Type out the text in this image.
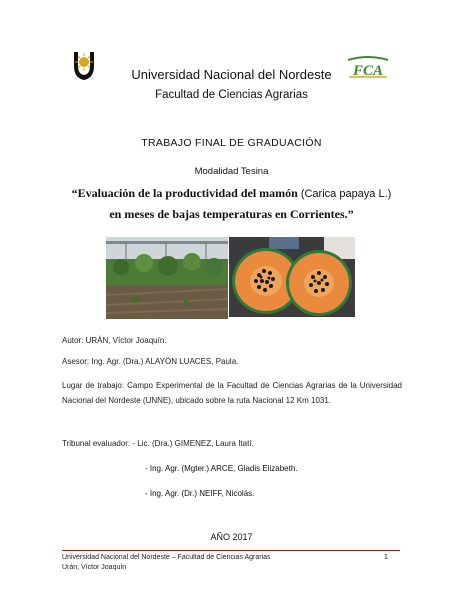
FCA
Universidad Nacional del Nordeste
Facultad de Ciencias Agrarias
TRABAJO FINAL DE GRADUACIÓN
Modalidad Tesina
“Evaluación de la productividad del mamón (Carica papaya L.)
en meses de bajas temperaturas en Corrientes.”
Autor: URÁN, Víctor Joaquín.
Asesor: Ing. Agr. (Dra.) ALAYÓN LUACES, Paula.
Lugar de trabajo: Campo Experimental de la Facultad de Ciencias Agrarias de la Universidad Nacional del Nordeste (UNNE), ubicado sobre la ruta Nacional 12 Km 1031.
Tribunal evaluador: - Lic. (Dra.) GIMENEZ, Laura Itatí.
- Ing. Agr. (Mgter.) ARCE, Gladis Elizabeth.
- Ing. Agr. (Dr.) NEIFF, Nicolás.
AÑO 2017
Universidad Nacional del Nordeste – Facultad de Ciencias Agrarias
Urán, Víctor Joaquín
1
